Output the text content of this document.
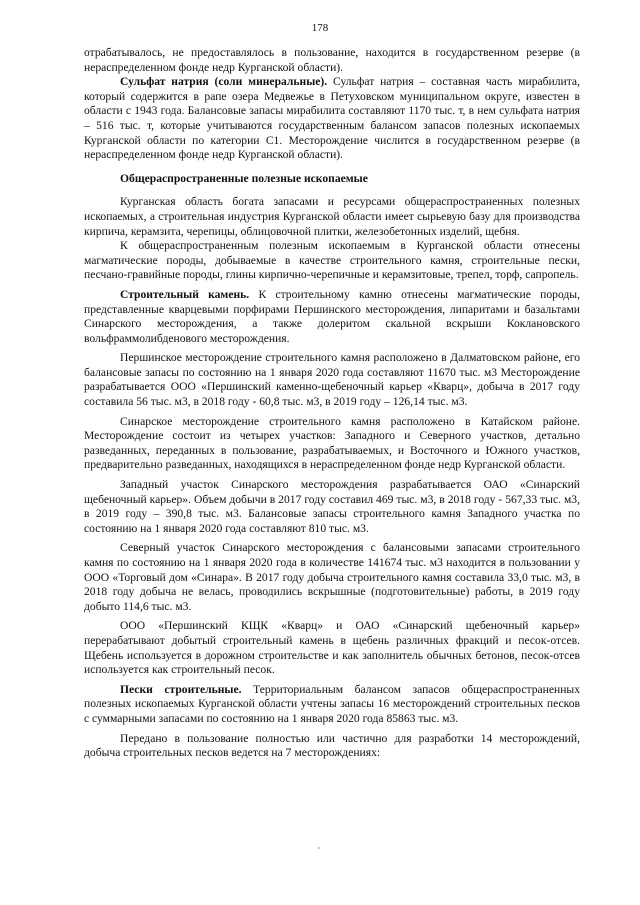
178

отрабатывалось, не предоставлялось в пользование, находится в государственном резерве (в нераспределенном фонде недр Курганской области).

Сульфат натрия (соли минеральные). Сульфат натрия – составная часть мирабилита, который содержится в рапе озера Медвежье в Петуховском муниципальном округе, известен в области с 1943 года. Балансовые запасы мирабилита составляют 1170 тыс. т, в нем сульфата натрия – 516 тыс. т, которые учитываются государственным балансом запасов полезных ископаемых Курганской области по категории С1. Месторождение числится в государственном резерве (в нераспределенном фонде недр Курганской области).

Общераспространенные полезные ископаемые

Курганская область богата запасами и ресурсами общераспространенных полезных ископаемых, а строительная индустрия Курганской области имеет сырьевую базу для производства кирпича, керамзита, черепицы, облицовочной плитки, железобетонных изделий, щебня.

К общераспространенным полезным ископаемым в Курганской области отнесены магматические породы, добываемые в качестве строительного камня, строительные пески, песчано-гравийные породы, глины кирпично-черепичные и керамзитовые, трепел, торф, сапропель.

Строительный камень. К строительному камню отнесены магматические породы, представленные кварцевыми порфирами Першинского месторождения, липаритами и базальтами Синарского месторождения, а также долеритом скальной вскрыши Коклановского вольфраммолибденового месторождения.

Першинское месторождение строительного камня расположено в Далматовском районе, его балансовые запасы по состоянию на 1 января 2020 года составляют 11670 тыс. м3 Месторождение разрабатывается ООО «Першинский каменно-щебеночный карьер «Кварц», добыча в 2017 году составила 56 тыс. м3, в 2018 году - 60,8 тыс. м3, в 2019 году – 126,14 тыс. м3.

Синарское месторождение строительного камня расположено в Катайском районе. Месторождение состоит из четырех участков: Западного и Северного участков, детально разведанных, переданных в пользование, разрабатываемых, и Восточного и Южного участков, предварительно разведанных, находящихся в нераспределенном фонде недр Курганской области.

Западный участок Синарского месторождения разрабатывается ОАО «Синарский щебеночный карьер». Объем добычи в 2017 году составил 469 тыс. м3, в 2018 году - 567,33 тыс. м3, в 2019 году – 390,8 тыс. м3. Балансовые запасы строительного камня Западного участка по состоянию на 1 января 2020 года составляют 810 тыс. м3.

Северный участок Синарского месторождения с балансовыми запасами строительного камня по состоянию на 1 января 2020 года в количестве 141674 тыс. м3 находится в пользовании у ООО «Торговый дом «Синара». В 2017 году добыча строительного камня составила 33,0 тыс. м3, в 2018 году добыча не велась, проводились вскрышные (подготовительные) работы, в 2019 году добыто 114,6 тыс. м3.

ООО «Першинский КЩК «Кварц» и ОАО «Синарский щебеночный карьер» перерабатывают добытый строительный камень в щебень различных фракций и песок-отсев. Щебень используется в дорожном строительстве и как заполнитель обычных бетонов, песок-отсев используется как строительный песок.

Пески строительные. Территориальным балансом запасов общераспространенных полезных ископаемых Курганской области учтены запасы 16 месторождений строительных песков с суммарными запасами по состоянию на 1 января 2020 года 85863 тыс. м3.

Передано в пользование полностью или частично для разработки 14 месторождений, добыча строительных песков ведется на 7 месторождениях:
